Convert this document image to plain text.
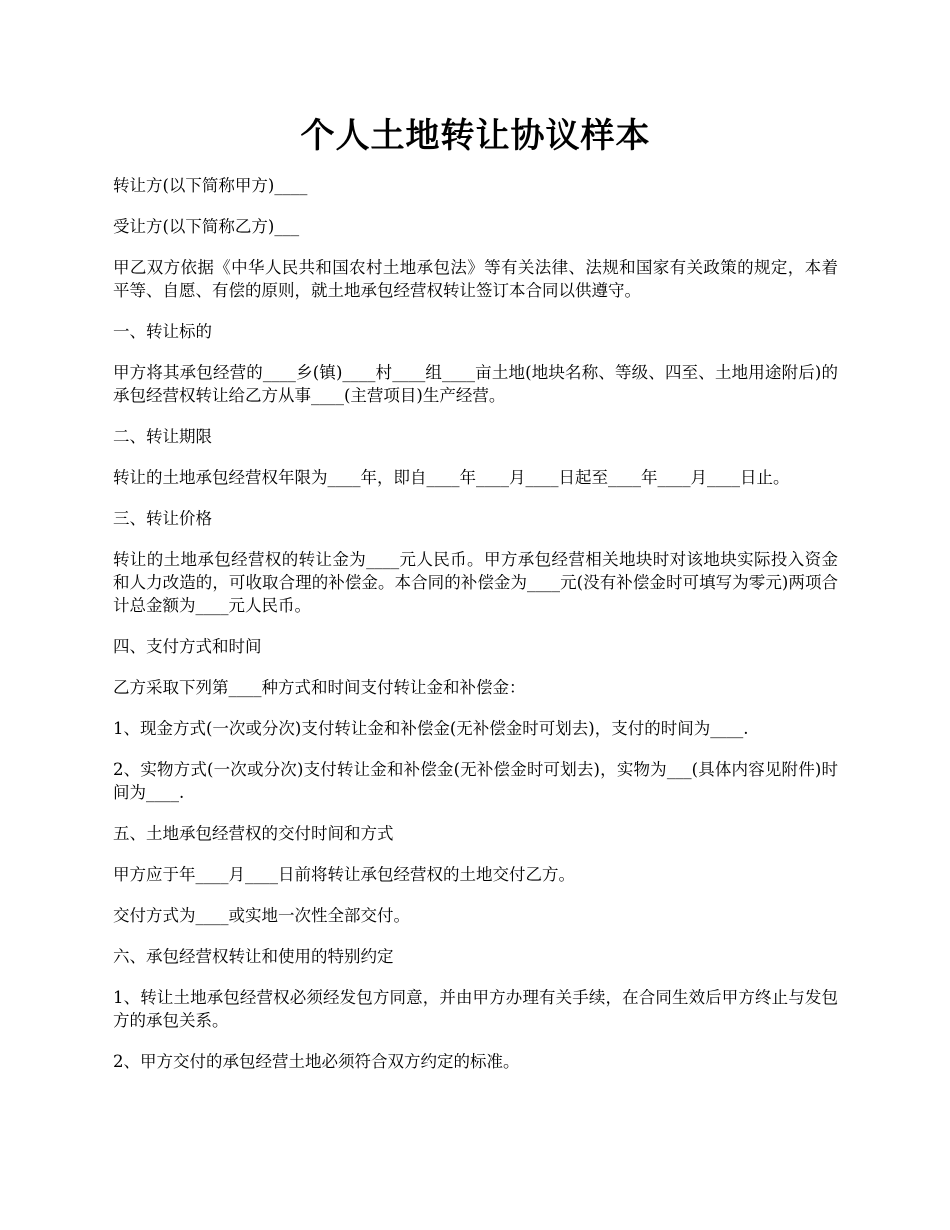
个人土地转让协议样本

转让方(以下简称甲方)____

受让方(以下简称乙方)___

甲乙双方依据《中华人民共和国农村土地承包法》等有关法律、法规和国家有关政策的规定，本着平等、自愿、有偿的原则，就土地承包经营权转让签订本合同以供遵守。

一、转让标的

甲方将其承包经营的____乡(镇)____村____组____亩土地(地块名称、等级、四至、土地用途附后)的承包经营权转让给乙方从事____(主营项目)生产经营。

二、转让期限

转让的土地承包经营权年限为____年，即自____年____月____日起至____年____月____日止。

三、转让价格

转让的土地承包经营权的转让金为____元人民币。甲方承包经营相关地块时对该地块实际投入资金和人力改造的，可收取合理的补偿金。本合同的补偿金为____元(没有补偿金时可填写为零元)两项合计总金额为____元人民币。

四、支付方式和时间

乙方采取下列第____种方式和时间支付转让金和补偿金：

1、现金方式(一次或分次)支付转让金和补偿金(无补偿金时可划去)，支付的时间为____.

2、实物方式(一次或分次)支付转让金和补偿金(无补偿金时可划去)，实物为___(具体内容见附件)时间为____.

五、土地承包经营权的交付时间和方式

甲方应于年____月____日前将转让承包经营权的土地交付乙方。

交付方式为____或实地一次性全部交付。

六、承包经营权转让和使用的特别约定

1、转让土地承包经营权必须经发包方同意，并由甲方办理有关手续，在合同生效后甲方终止与发包方的承包关系。

2、甲方交付的承包经营土地必须符合双方约定的标准。
